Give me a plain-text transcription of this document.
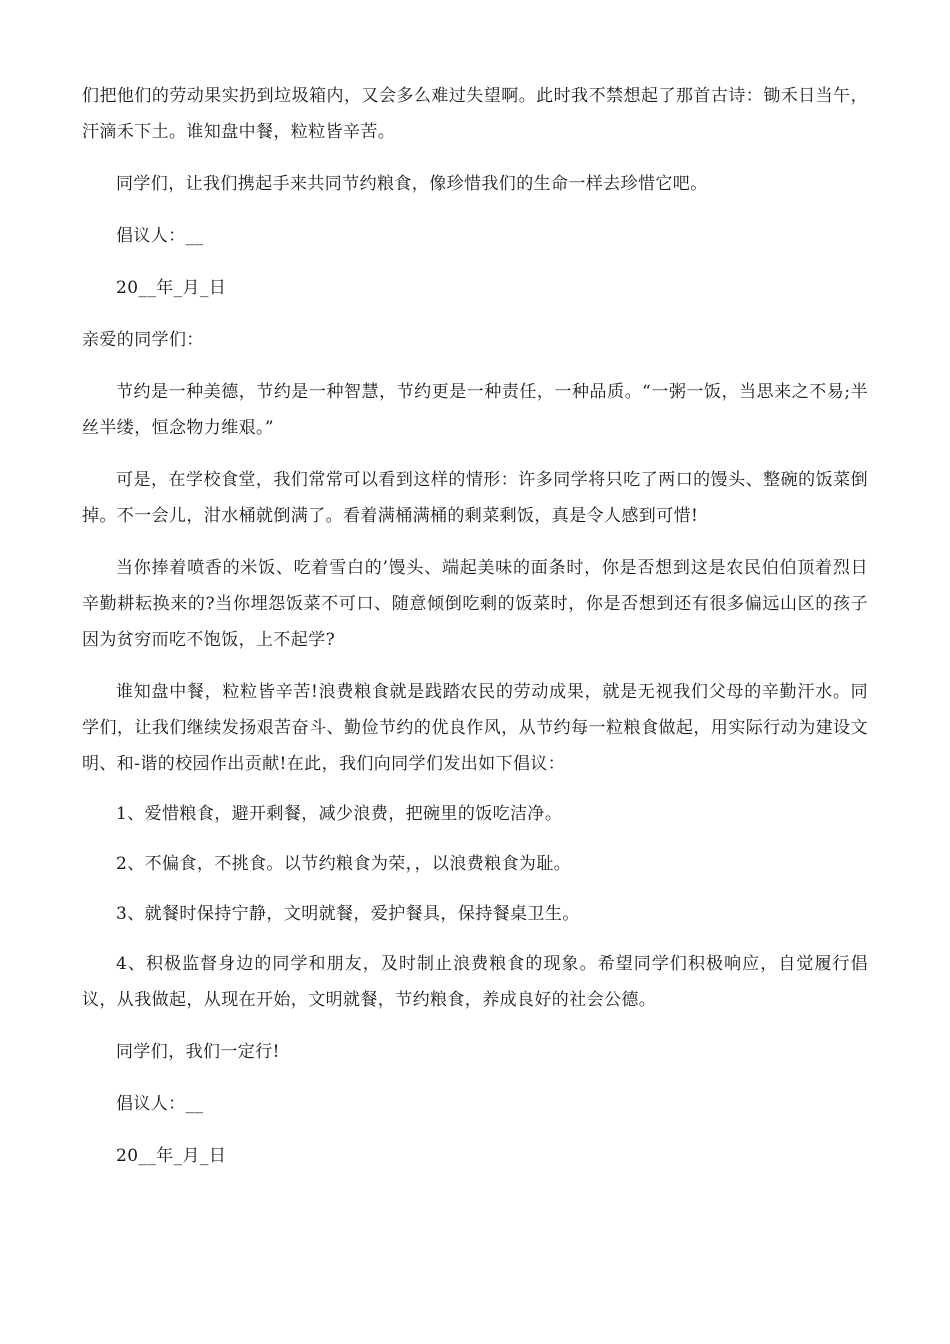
们把他们的劳动果实扔到垃圾箱内，又会多么难过失望啊。此时我不禁想起了那首古诗：锄禾日当午，汗滴禾下土。谁知盘中餐，粒粒皆辛苦。

同学们，让我们携起手来共同节约粮食，像珍惜我们的生命一样去珍惜它吧。

倡议人：__

20__年_月_日

亲爱的同学们：

节约是一种美德，节约是一种智慧，节约更是一种责任，一种品质。“一粥一饭，当思来之不易;半丝半缕，恒念物力维艰。”

可是，在学校食堂，我们常常可以看到这样的情形：许多同学将只吃了两口的馒头、整碗的饭菜倒掉。不一会儿，泔水桶就倒满了。看着满桶满桶的剩菜剩饭，真是令人感到可惜!

当你捧着喷香的米饭、吃着雪白的’馒头、端起美味的面条时，你是否想到这是农民伯伯顶着烈日辛勤耕耘换来的?当你埋怨饭菜不可口、随意倾倒吃剩的饭菜时，你是否想到还有很多偏远山区的孩子因为贫穷而吃不饱饭，上不起学?

谁知盘中餐，粒粒皆辛苦!浪费粮食就是践踏农民的劳动成果，就是无视我们父母的辛勤汗水。同学们，让我们继续发扬艰苦奋斗、勤俭节约的优良作风，从节约每一粒粮食做起，用实际行动为建设文明、和-谐的校园作出贡献!在此，我们向同学们发出如下倡议：

1、爱惜粮食，避开剩餐，减少浪费，把碗里的饭吃洁净。

2、不偏食，不挑食。以节约粮食为荣，，以浪费粮食为耻。

3、就餐时保持宁静，文明就餐，爱护餐具，保持餐桌卫生。

4、积极监督身边的同学和朋友，及时制止浪费粮食的现象。希望同学们积极响应，自觉履行倡议，从我做起，从现在开始，文明就餐，节约粮食，养成良好的社会公德。

同学们，我们一定行!

倡议人：__

20__年_月_日
